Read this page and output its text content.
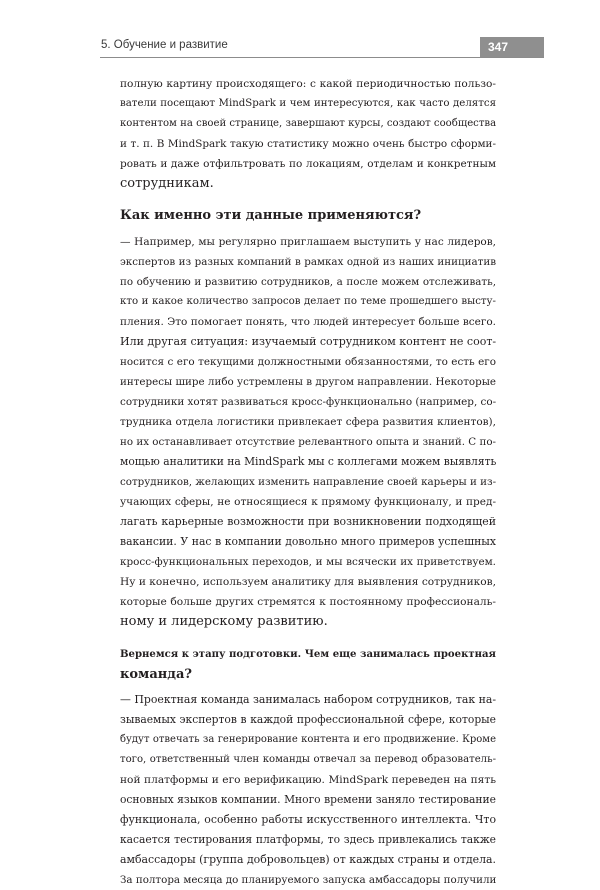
5. Обучение и развитие	347
полную картину происходящего: с какой периодичностью пользо-
ватели посещают MindSpark и чем интересуются, как часто делятся
контентом на своей странице, завершают курсы, создают сообщества
и т. п. В MindSpark такую статистику можно очень быстро сформи-
ровать и даже отфильтровать по локациям, отделам и конкретным
сотрудникам.
Как именно эти данные применяются?
— Например, мы регулярно приглашаем выступить у нас лидеров,
экспертов из разных компаний в рамках одной из наших инициатив
по обучению и развитию сотрудников, а после можем отслеживать,
кто и какое количество запросов делает по теме прошедшего высту-
пления. Это помогает понять, что людей интересует больше всего.
Или другая ситуация: изучаемый сотрудником контент не соот-
носится с его текущими должностными обязанностями, то есть его
интересы шире либо устремлены в другом направлении. Некоторые
сотрудники хотят развиваться кросс-функционально (например, со-
трудника отдела логистики привлекает сфера развития клиентов),
но их останавливает отсутствие релевантного опыта и знаний. С по-
мощью аналитики на MindSpark мы с коллегами можем выявлять
сотрудников, желающих изменить направление своей карьеры и из-
учающих сферы, не относящиеся к прямому функционалу, и пред-
лагать карьерные возможности при возникновении подходящей
вакансии. У нас в компании довольно много примеров успешных
кросс-функциональных переходов, и мы всячески их приветствуем.
Ну и конечно, используем аналитику для выявления сотрудников,
которые больше других стремятся к постоянному профессиональ-
ному и лидерскому развитию.
Вернемся к этапу подготовки. Чем еще занималась проектная
команда?
— Проектная команда занималась набором сотрудников, так на-
зываемых экспертов в каждой профессиональной сфере, которые
будут отвечать за генерирование контента и его продвижение. Кроме
того, ответственный член команды отвечал за перевод образователь-
ной платформы и его верификацию. MindSpark переведен на пять
основных языков компании. Много времени заняло тестирование
функционала, особенно работы искусственного интеллекта. Что
касается тестирования платформы, то здесь привлекались также
амбассадоры (группа добровольцев) от каждых страны и отдела.
За полтора месяца до планируемого запуска амбассадоры получили
